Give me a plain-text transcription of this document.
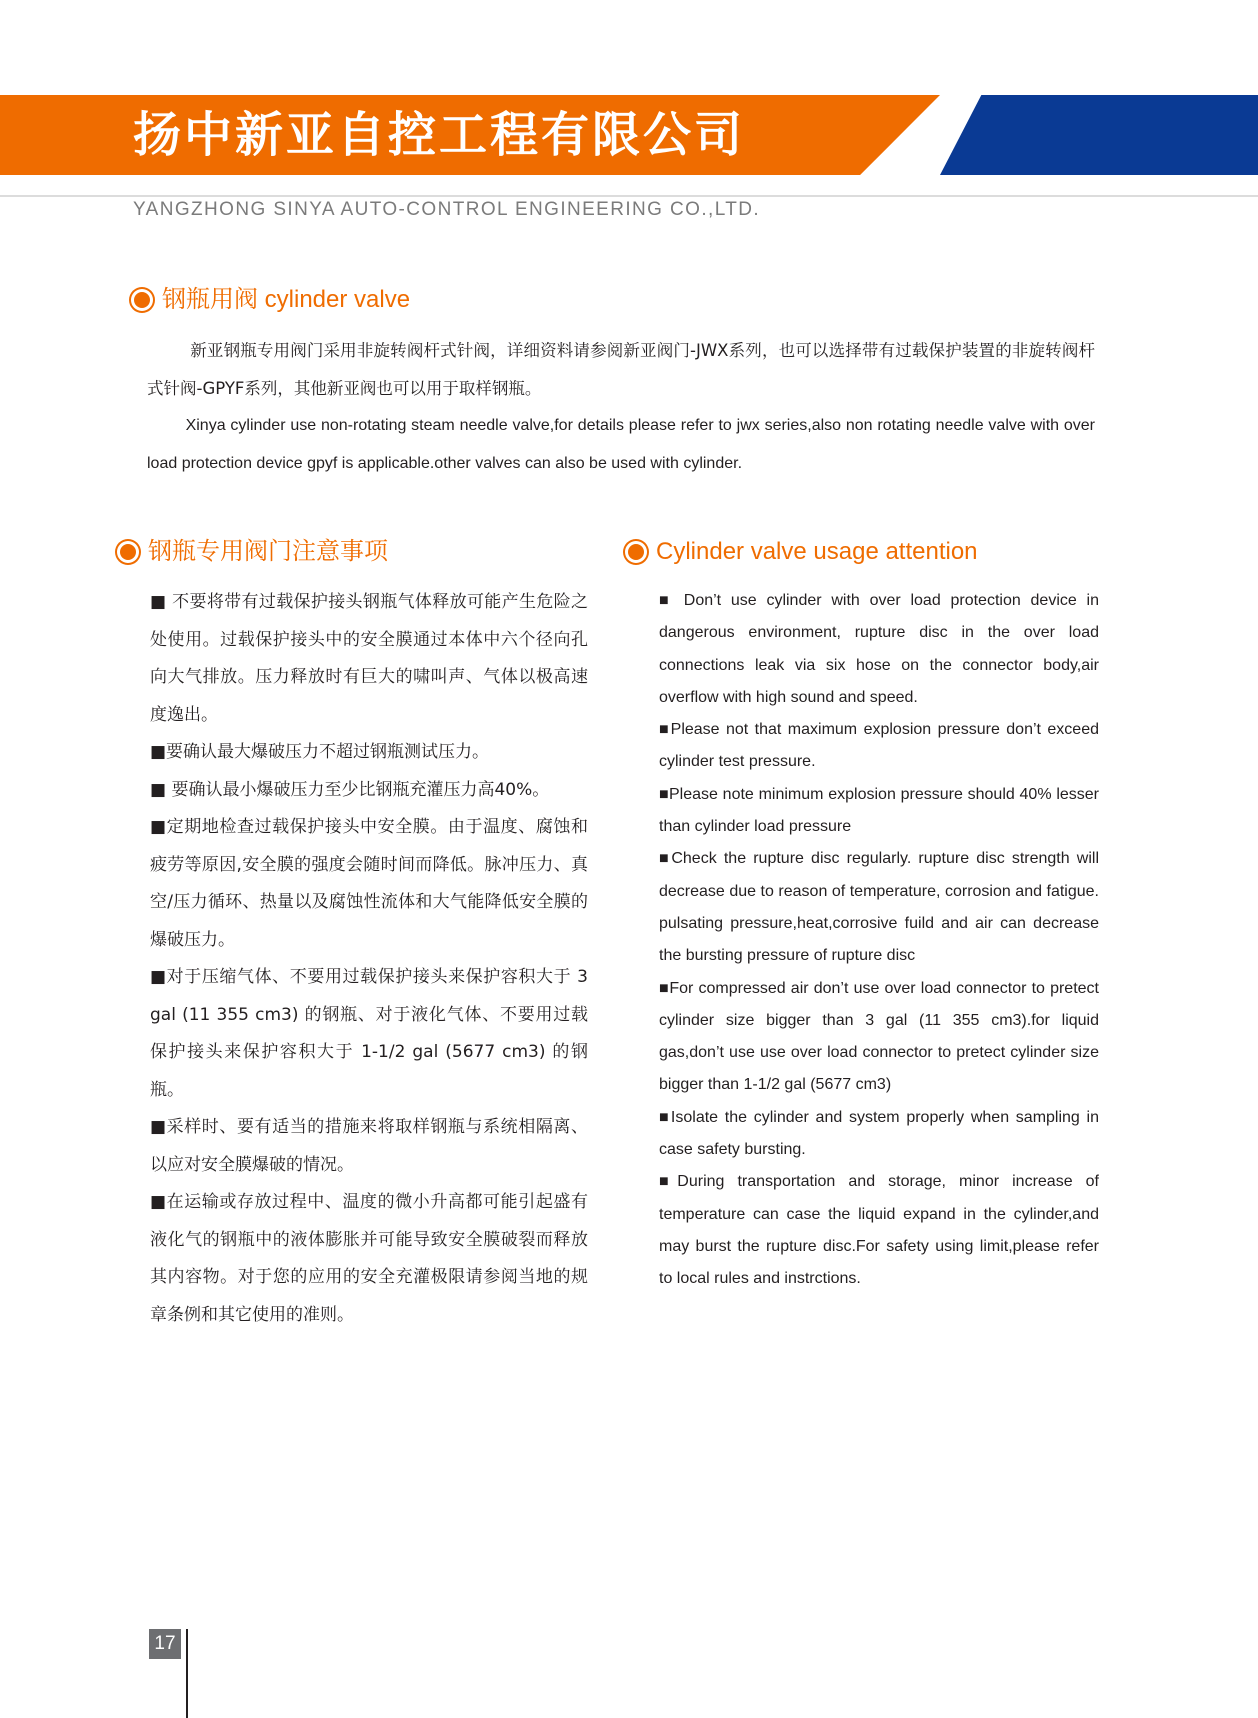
扬中新亚自控工程有限公司
YANGZHONG SINYA AUTO-CONTROL ENGINEERING CO.,LTD.
钢瓶用阀 cylinder valve

新亚钢瓶专用阀门采用非旋转阀杆式针阀，详细资料请参阅新亚阀门-JWX系列，也可以选择带有过载保护装置的非旋转阀杆式针阀-GPYF系列，其他新亚阀也可以用于取样钢瓶。

Xinya cylinder use non-rotating steam needle valve,for details please refer to jwx series,also non rotating needle valve with over load protection device gpyf is applicable.other valves can also be used with cylinder.

钢瓶专用阀门注意事项

■ 不要将带有过载保护接头钢瓶气体释放可能产生危险之处使用。过载保护接头中的安全膜通过本体中六个径向孔向大气排放。压力释放时有巨大的啸叫声、气体以极高速度逸出。

■要确认最大爆破压力不超过钢瓶测试压力。

■ 要确认最小爆破压力至少比钢瓶充灌压力高40%。

■定期地检查过载保护接头中安全膜。由于温度、腐蚀和疲劳等原因,安全膜的强度会随时间而降低。脉冲压力、真空/压力循环、热量以及腐蚀性流体和大气能降低安全膜的爆破压力。

■对于压缩气体、不要用过载保护接头来保护容积大于 3 gal (11 355 cm3) 的钢瓶、对于液化气体、不要用过载保护接头来保护容积大于 1-1/2 gal (5677 cm3) 的钢瓶。

■采样时、要有适当的措施来将取样钢瓶与系统相隔离、以应对安全膜爆破的情况。

■在运输或存放过程中、温度的微小升高都可能引起盛有液化气的钢瓶中的液体膨胀并可能导致安全膜破裂而释放其内容物。对于您的应用的安全充灌极限请参阅当地的规章条例和其它使用的准则。

Cylinder valve usage attention

■ Don’t use cylinder with over load protection device in dangerous environment, rupture disc in the over load connections leak via six hose on the connector body,air overflow with high sound and speed.

■Please not that maximum explosion pressure don’t exceed cylinder test pressure.

■Please note minimum explosion pressure should 40% lesser than cylinder load pressure

■Check the rupture disc regularly. rupture disc strength will decrease due to reason of temperature, corrosion and fatigue. pulsating pressure,heat,corrosive fuild and air can decrease the bursting pressure of rupture disc

■For compressed air don’t use over load connector to pretect cylinder size bigger than 3 gal (11 355 cm3).for liquid gas,don’t use use over load connector to pretect cylinder size bigger than 1-1/2 gal (5677 cm3)

■Isolate the cylinder and system properly when sampling in case safety bursting.

■During transportation and storage, minor increase of temperature can case the liquid expand in the cylinder,and may burst the rupture disc.For safety using limit,please refer to local rules and instrctions.

17
